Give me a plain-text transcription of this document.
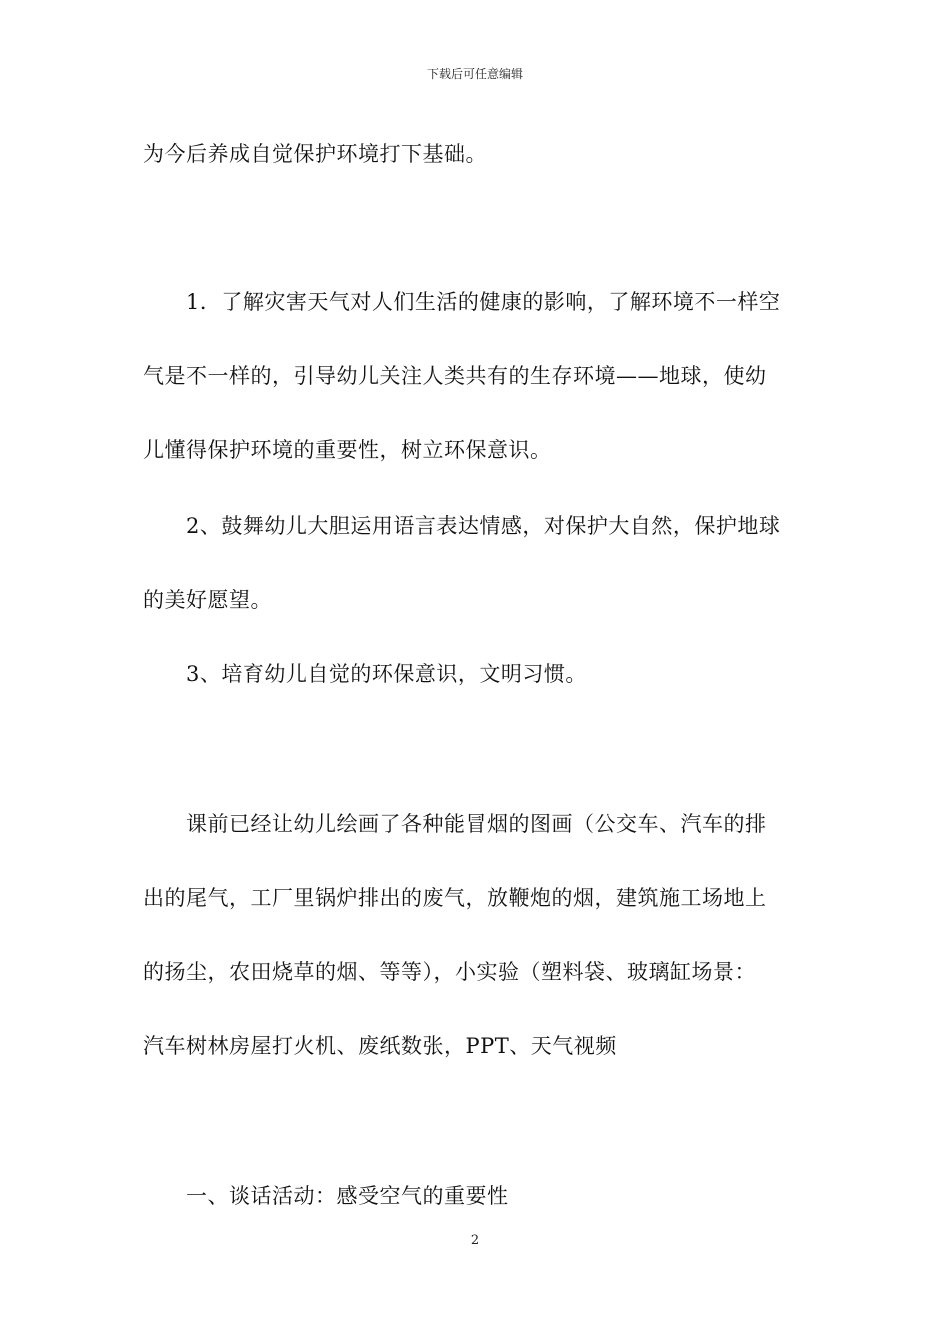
下载后可任意编辑
为今后养成自觉保护环境打下基础。
1．了解灾害天气对人们生活的健康的影响，了解环境不一样空
气是不一样的，引导幼儿关注人类共有的生存环境——地球，使幼
儿懂得保护环境的重要性，树立环保意识。
2、鼓舞幼儿大胆运用语言表达情感，对保护大自然，保护地球
的美好愿望。
3、培育幼儿自觉的环保意识，文明习惯。
课前已经让幼儿绘画了各种能冒烟的图画（公交车、汽车的排
出的尾气，工厂里锅炉排出的废气，放鞭炮的烟，建筑施工场地上
的扬尘，农田烧草的烟、等等），小实验（塑料袋、玻璃缸场景：
汽车树林房屋打火机、废纸数张，PPT、天气视频
一、谈话活动：感受空气的重要性
2
